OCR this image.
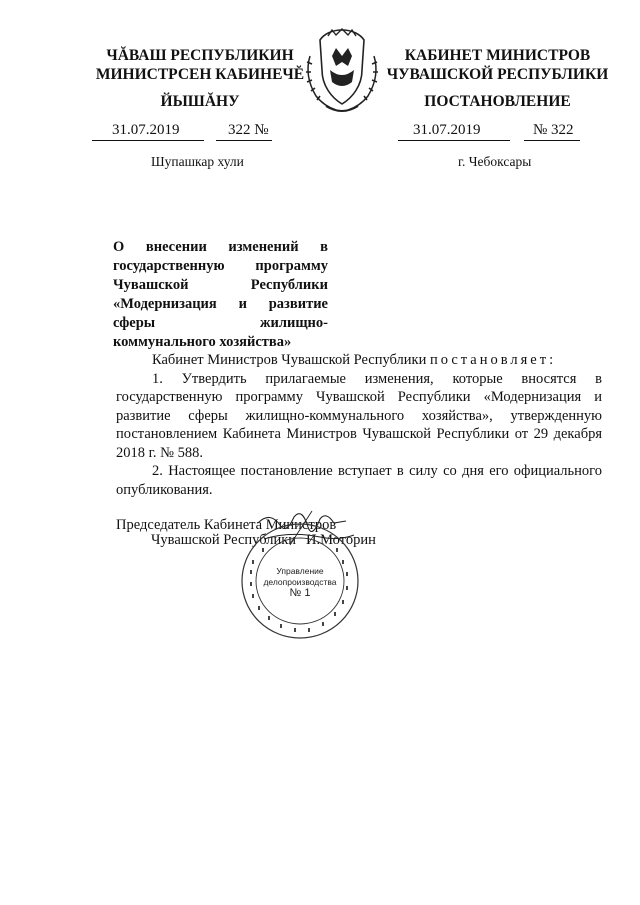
ЧĂВАШ РЕСПУБЛИКИН
МИНИСТРСЕН КАБИНЕЧĔ
ЙЫШĂНУ
КАБИНЕТ МИНИСТРОВ
ЧУВАШСКОЙ РЕСПУБЛИКИ
ПОСТАНОВЛЕНИЕ
31.07.2019	322 №	31.07.2019	№ 322
Шупашкар хули	г. Чебоксары
О внесении изменений в государственную программу Чувашской Республики «Модернизация и развитие сферы жилищно-коммунального хозяйства»

Кабинет Министров Чувашской Республики постановляет:

1. Утвердить прилагаемые изменения, которые вносятся в государственную программу Чувашской Республики «Модернизация и развитие сферы жилищно-коммунального хозяйства», утвержденную постановлением Кабинета Министров Чувашской Республики от 29 декабря 2018 г. № 588.

2. Настоящее постановление вступает в силу со дня его официального опубликования.

Председатель Кабинета Министров
Чувашской Республики И.Моторин
Управление
делопроизводства
№ 1
